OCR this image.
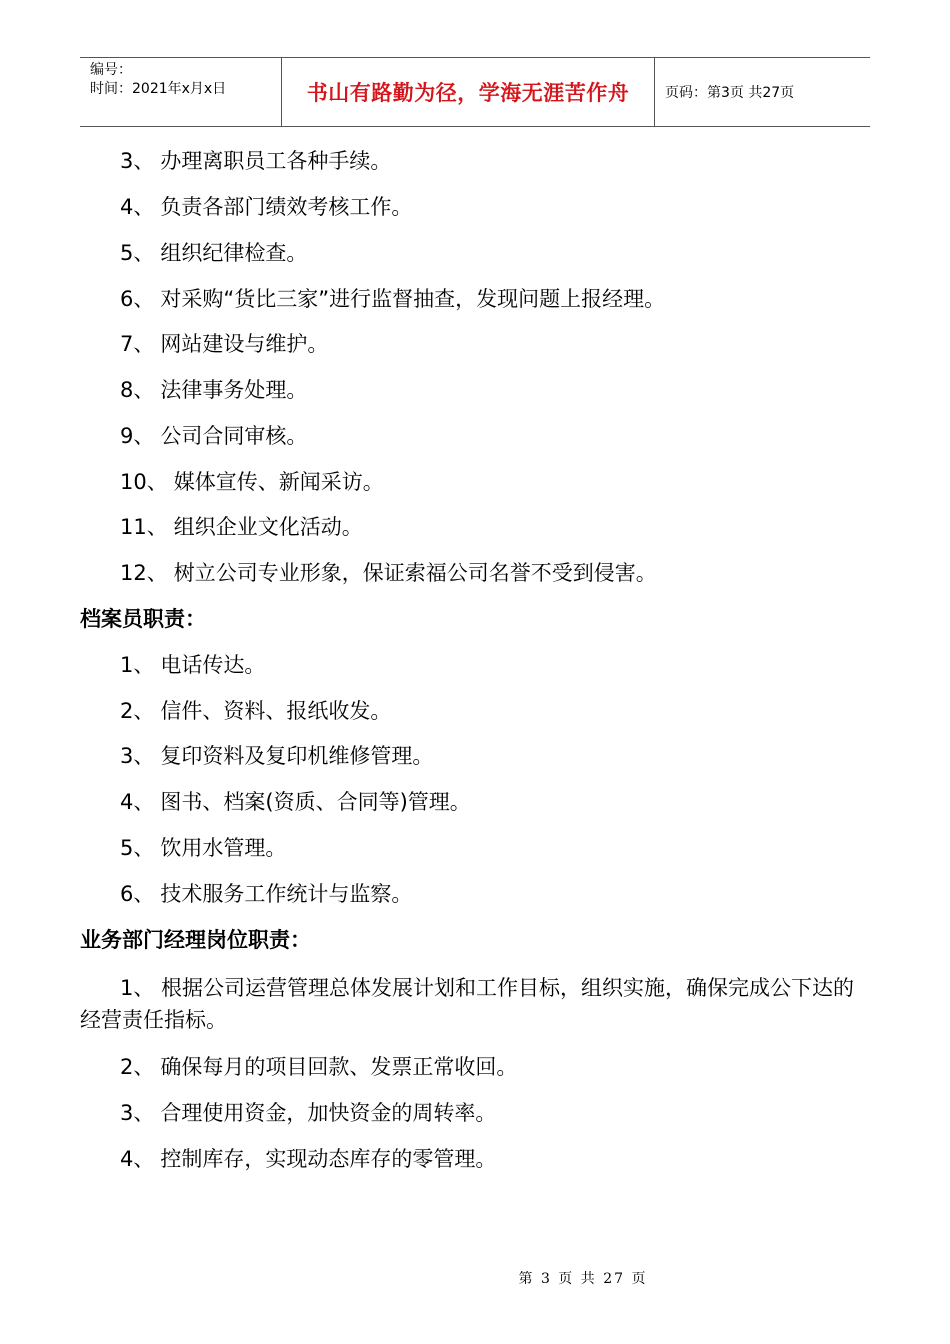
编号：
时间：2021年x月x日	书山有路勤为径，学海无涯苦作舟	页码：第3页 共27页
3、 办理离职员工各种手续。
4、 负责各部门绩效考核工作。
5、 组织纪律检查。
6、 对采购“货比三家”进行监督抽查，发现问题上报经理。
7、 网站建设与维护。
8、 法律事务处理。
9、 公司合同审核。
10、 媒体宣传、新闻采访。
11、 组织企业文化活动。
12、 树立公司专业形象，保证索福公司名誉不受到侵害。
档案员职责：
1、 电话传达。
2、 信件、资料、报纸收发。
3、 复印资料及复印机维修管理。
4、 图书、档案(资质、合同等)管理。
5、 饮用水管理。
6、 技术服务工作统计与监察。
业务部门经理岗位职责：
1、 根据公司运营管理总体发展计划和工作目标，组织实施，确保完成公下达的经营责任指标。
2、 确保每月的项目回款、发票正常收回。
3、 合理使用资金，加快资金的周转率。
4、 控制库存，实现动态库存的零管理。
第 3 页 共 27 页
